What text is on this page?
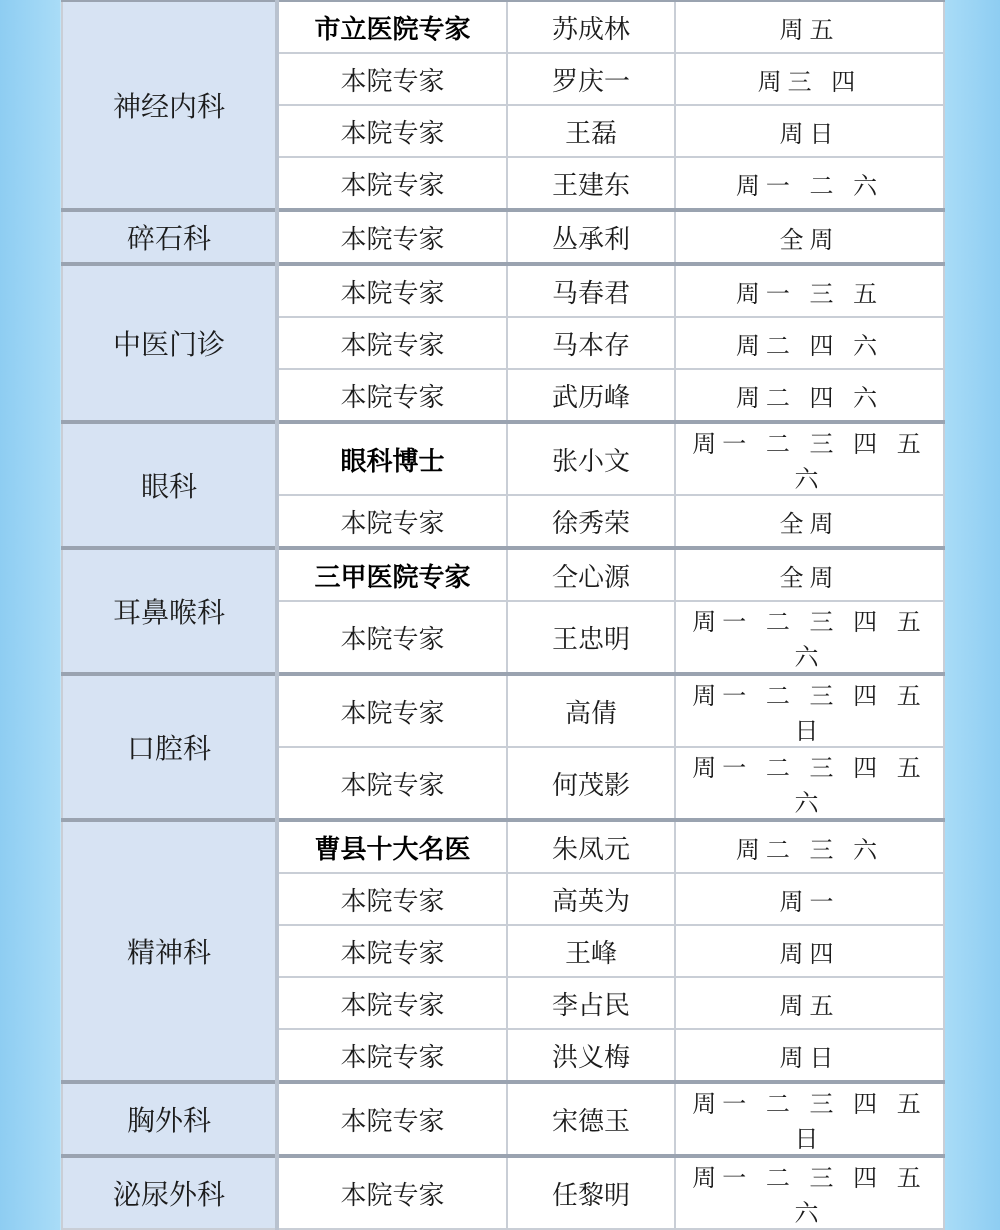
神经内科	市立医院专家	苏成林	周五
	本院专家	罗庆一	周三 四
	本院专家	王磊	周日
	本院专家	王建东	周一 二 六
碎石科	本院专家	丛承利	全周
中医门诊	本院专家	马春君	周一 三 五
	本院专家	马本存	周二 四 六
	本院专家	武历峰	周二 四 六
眼科	眼科博士	张小文	周一 二 三 四 五 六
	本院专家	徐秀荣	全周
耳鼻喉科	三甲医院专家	仝心源	全周
	本院专家	王忠明	周一 二 三 四 五 六
口腔科	本院专家	高倩	周一 二 三 四 五 日
	本院专家	何茂影	周一 二 三 四 五 六
精神科	曹县十大名医	朱凤元	周二 三 六
	本院专家	高英为	周一
	本院专家	王峰	周四
	本院专家	李占民	周五
	本院专家	洪义梅	周日
胸外科	本院专家	宋德玉	周一 二 三 四 五 日
泌尿外科	本院专家	任黎明	周一 二 三 四 五 六
